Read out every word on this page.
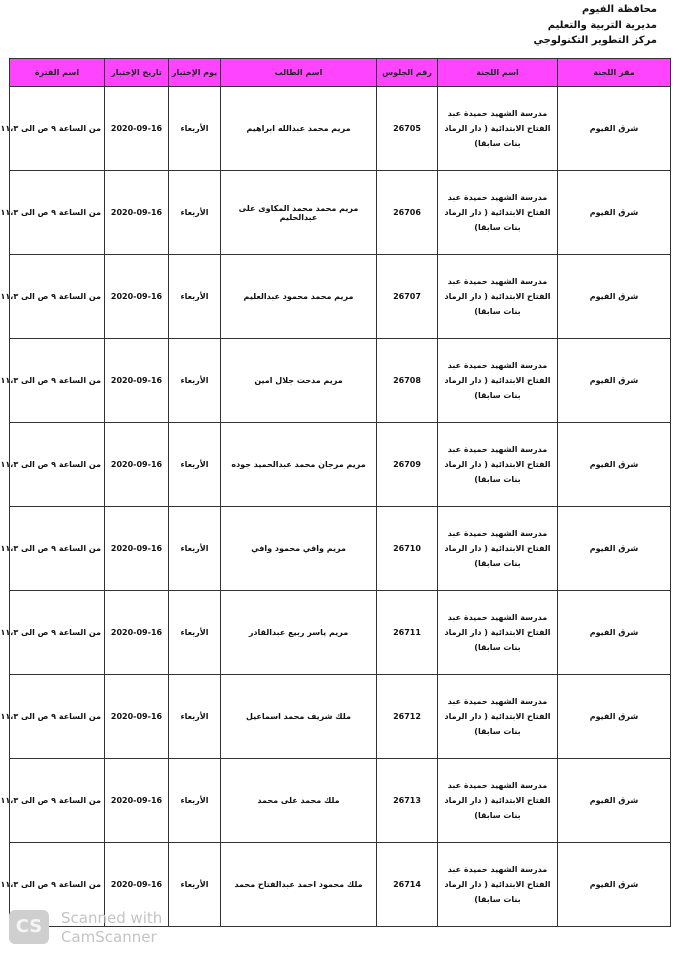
محافظة الفيوم
مديرية التربية والتعليم
مركز التطوير التكنولوجي
مقر اللجنة	اسم اللجنة	رقم الجلوس	اسم الطالب	يوم الإختبار	تاريخ الإختبار	اسم الفترة
شرق الفيوم	مدرسة الشهيد حميدة عبد الفتاح الابتدائية ( دار الرماد بنات سابقا)	26705	مريم محمد عبدالله ابراهيم	الأربعاء	2020-09-16	من الساعة ۹ ص الى ۱۱،۳
شرق الفيوم	مدرسة الشهيد حميدة عبد الفتاح الابتدائية ( دار الرماد بنات سابقا)	26706	مريم محمد محمد المكاوى على عبدالحليم	الأربعاء	2020-09-16	من الساعة ۹ ص الى ۱۱،۳
شرق الفيوم	مدرسة الشهيد حميدة عبد الفتاح الابتدائية ( دار الرماد بنات سابقا)	26707	مريم محمد محمود عبدالعليم	الأربعاء	2020-09-16	من الساعة ۹ ص الى ۱۱،۳
شرق الفيوم	مدرسة الشهيد حميدة عبد الفتاح الابتدائية ( دار الرماد بنات سابقا)	26708	مريم مدحت جلال امين	الأربعاء	2020-09-16	من الساعة ۹ ص الى ۱۱،۳
شرق الفيوم	مدرسة الشهيد حميدة عبد الفتاح الابتدائية ( دار الرماد بنات سابقا)	26709	مريم مرجان محمد عبدالحميد جوده	الأربعاء	2020-09-16	من الساعة ۹ ص الى ۱۱،۳
شرق الفيوم	مدرسة الشهيد حميدة عبد الفتاح الابتدائية ( دار الرماد بنات سابقا)	26710	مريم وافي محمود وافي	الأربعاء	2020-09-16	من الساعة ۹ ص الى ۱۱،۳
شرق الفيوم	مدرسة الشهيد حميدة عبد الفتاح الابتدائية ( دار الرماد بنات سابقا)	26711	مريم ياسر ربيع عبدالقادر	الأربعاء	2020-09-16	من الساعة ۹ ص الى ۱۱،۳
شرق الفيوم	مدرسة الشهيد حميدة عبد الفتاح الابتدائية ( دار الرماد بنات سابقا)	26712	ملك شريف محمد اسماعيل	الأربعاء	2020-09-16	من الساعة ۹ ص الى ۱۱،۳
شرق الفيوم	مدرسة الشهيد حميدة عبد الفتاح الابتدائية ( دار الرماد بنات سابقا)	26713	ملك محمد على محمد	الأربعاء	2020-09-16	من الساعة ۹ ص الى ۱۱،۳
شرق الفيوم	مدرسة الشهيد حميدة عبد الفتاح الابتدائية ( دار الرماد بنات سابقا)	26714	ملك محمود احمد عبدالفتاح محمد	الأربعاء	2020-09-16	من الساعة ۹ ص الى ۱۱،۳
CS	Scanned with
CamScanner
